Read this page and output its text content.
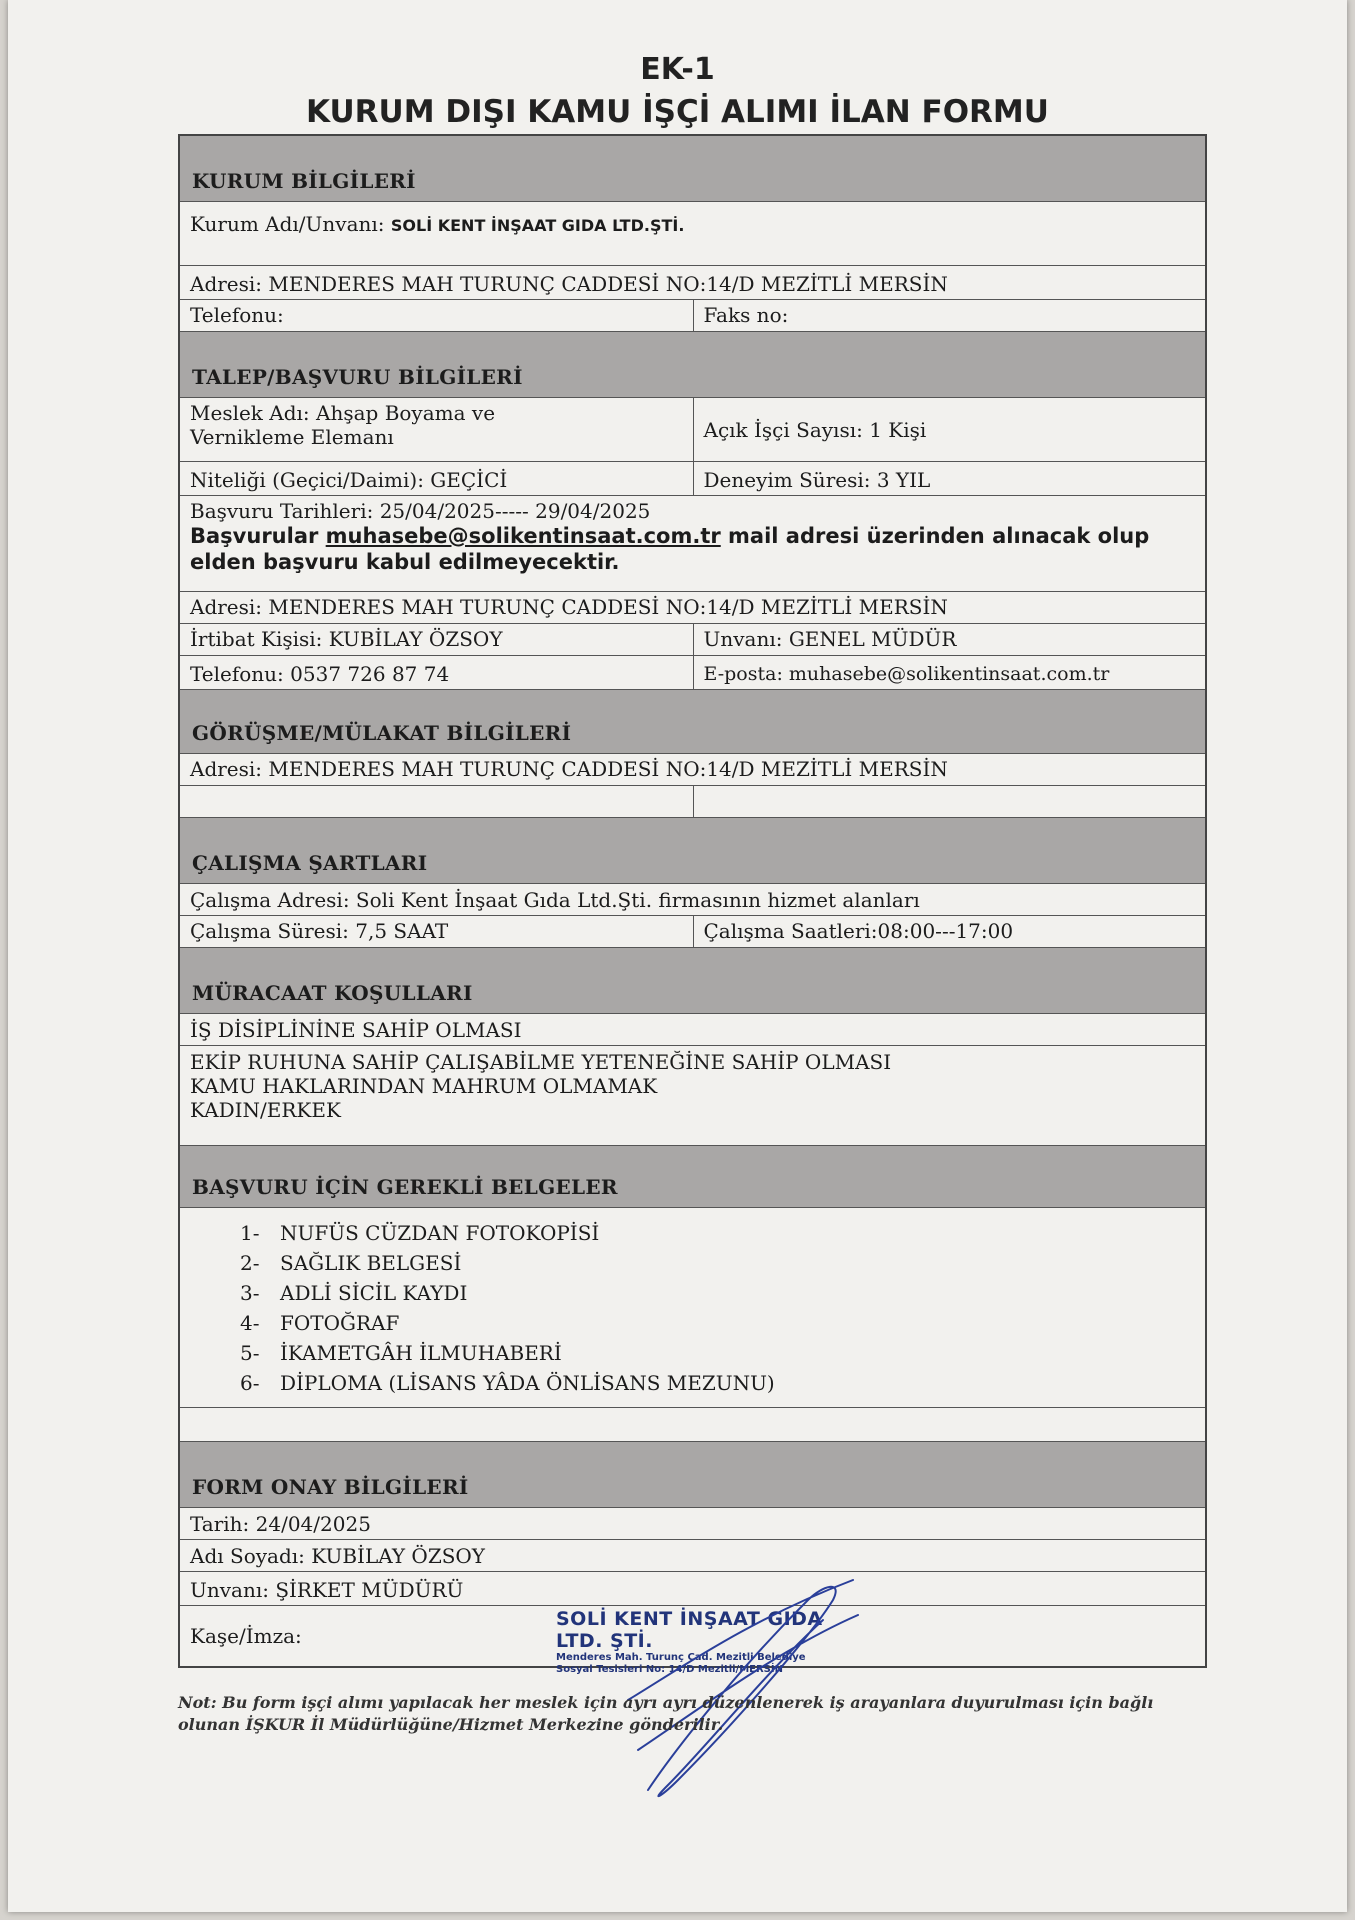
EK-1
KURUM DIŞI KAMU İŞÇİ ALIMI İLAN FORMU
KURUM BİLGİLERİ
Kurum Adı/Unvanı: SOLİ KENT İNŞAAT GIDA LTD.ŞTİ.
Adresi: MENDERES MAH TURUNÇ CADDESİ NO:14/D MEZİTLİ MERSİN
Telefonu:	Faks no:
TALEP/BAŞVURU BİLGİLERİ
Meslek Adı: Ahşap Boyama ve Vernikleme Elemanı	Açık İşçi Sayısı: 1 Kişi
Niteliği (Geçici/Daimi): GEÇİCİ	Deneyim Süresi: 3 YIL
Başvuru Tarihleri: 25/04/2025----- 29/04/2025
Başvurular muhasebe@solikentinsaat.com.tr mail adresi üzerinden alınacak olup elden başvuru kabul edilmeyecektir.
Adresi: MENDERES MAH TURUNÇ CADDESİ NO:14/D MEZİTLİ MERSİN
İrtibat Kişisi: KUBİLAY ÖZSOY	Unvanı: GENEL MÜDÜR
Telefonu: 0537 726 87 74	E-posta: muhasebe@solikentinsaat.com.tr
GÖRÜŞME/MÜLAKAT BİLGİLERİ
Adresi: MENDERES MAH TURUNÇ CADDESİ NO:14/D MEZİTLİ MERSİN
ÇALIŞMA ŞARTLARI
Çalışma Adresi: Soli Kent İnşaat Gıda Ltd.Şti. firmasının hizmet alanları
Çalışma Süresi: 7,5 SAAT	Çalışma Saatleri:08:00---17:00
MÜRACAAT KOŞULLARI
İŞ DİSİPLİNİNE SAHİP OLMASI
EKİP RUHUNA SAHİP ÇALIŞABİLME YETENEĞİNE SAHİP OLMASI
KAMU HAKLARINDAN MAHRUM OLMAMAK
KADIN/ERKEK
BAŞVURU İÇİN GEREKLİ BELGELER
1- NUFÜS CÜZDAN FOTOKOPİSİ
2- SAĞLIK BELGESİ
3- ADLİ SİCİL KAYDI
4- FOTOĞRAF
5- İKAMETGÂH İLMUHABERİ
6- DİPLOMA (LİSANS YÂDA ÖNLİSANS MEZUNU)
FORM ONAY BİLGİLERİ
Tarih: 24/04/2025
Adı Soyadı: KUBİLAY ÖZSOY
Unvanı: ŞİRKET MÜDÜRÜ
Kaşe/İmza:
SOLİ KENT İNŞAAT GIDA LTD. ŞTİ.
Menderes Mah. Turunç Cad. Mezitli Belediye
Sosyal Tesisleri No: 14/D Mezitli/MERSİN
Not: Bu form işçi alımı yapılacak her meslek için ayrı ayrı düzenlenerek iş arayanlara duyurulması için bağlı olunan İŞKUR İl Müdürlüğüne/Hizmet Merkezine gönderilir.
